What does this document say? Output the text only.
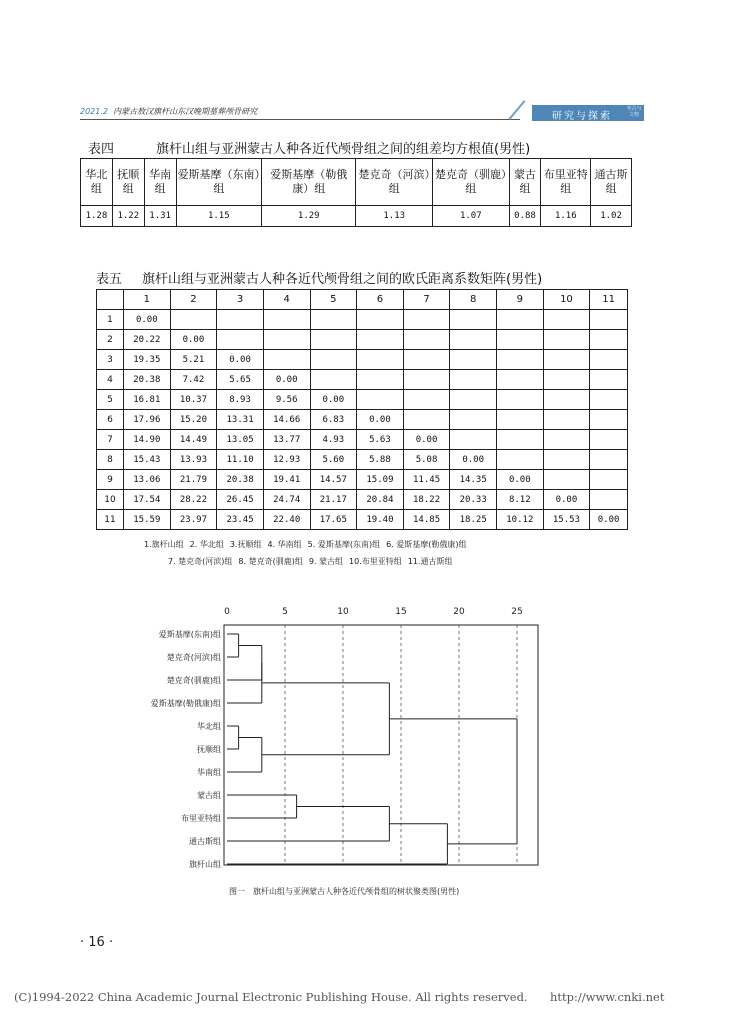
2021.2 内蒙古敖汉旗杆山东汉晚期墓葬颅骨研究	研究与探索
考古与文物
表四	旗杆山组与亚洲蒙古人种各近代颅骨组之间的组差均方根值(男性)
华北组	抚顺组	华南组	爱斯基摩（东南）组	爱斯基摩（勒俄康）组	楚克奇（河滨）组	楚克奇（驯鹿）组	蒙古组	布里亚特组	通古斯组
1.28	1.22	1.31	1.15	1.29	1.13	1.07	0.88	1.16	1.02
表五 旗杆山组与亚洲蒙古人种各近代颅骨组之间的欧氏距离系数矩阵(男性)
	1	2	3	4	5	6	7	8	9	10	11
1	0.00										
2	20.22	0.00									
3	19.35	5.21	0.00								
4	20.38	7.42	5.65	0.00							
5	16.81	10.37	8.93	9.56	0.00						
6	17.96	15.20	13.31	14.66	6.83	0.00					
7	14.90	14.49	13.05	13.77	4.93	5.63	0.00				
8	15.43	13.93	11.10	12.93	5.60	5.88	5.08	0.00			
9	13.06	21.79	20.38	19.41	14.57	15.09	11.45	14.35	0.00		
10	17.54	28.22	26.45	24.74	21.17	20.84	18.22	20.33	8.12	0.00	
11	15.59	23.97	23.45	22.40	17.65	19.40	14.85	18.25	10.12	15.53	0.00
1.旗杆山组 2. 华北组 3.抚顺组 4. 华南组 5. 爱斯基摩(东南)组 6. 爱斯基摩(勒俄康)组
7. 楚克奇(河滨)组 8. 楚克奇(驯鹿)组 9. 蒙古组 10.布里亚特组 11.通古斯组
0	5	10	15	20	25
爱斯基摩(东南)组
楚克奇(河滨)组
楚克奇(驯鹿)组
爱斯基摩(勒俄康)组
华北组
抚顺组
华南组
蒙古组
布里亚特组
通古斯组
旗杆山组
图一　旗杆山组与亚洲蒙古人种各近代颅骨组的树状聚类图(男性)
· 16 ·
(C)1994-2022 China Academic Journal Electronic Publishing House. All rights reserved. http://www.cnki.net
